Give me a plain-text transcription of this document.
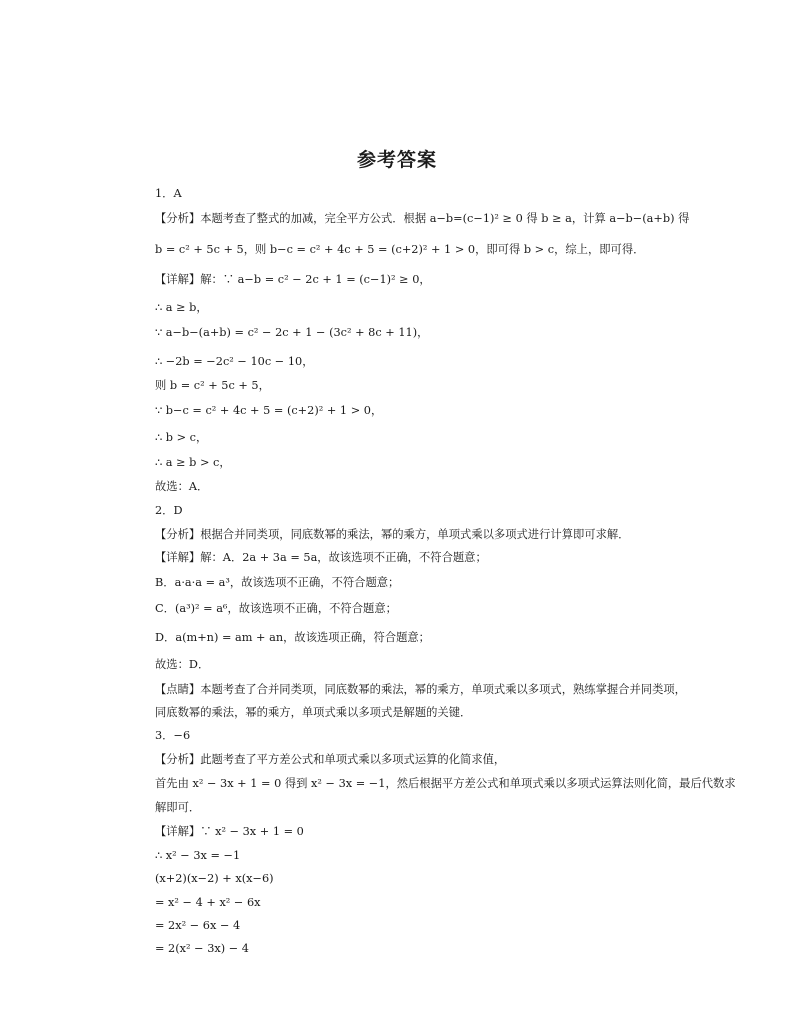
参考答案
1．A
【分析】本题考查了整式的加减，完全平方公式．根据 a−b=(c−1)² ≥ 0 得 b ≥ a，计算 a−b−(a+b) 得
b = c² + 5c + 5，则 b−c = c² + 4c + 5 = (c+2)² + 1 > 0，即可得 b > c，综上，即可得．
【详解】解：∵ a−b = c² − 2c + 1 = (c−1)² ≥ 0，
∴ a ≥ b，
∵ a−b−(a+b) = c² − 2c + 1 − (3c² + 8c + 11)，
∴ −2b = −2c² − 10c − 10，
则 b = c² + 5c + 5，
∵ b−c = c² + 4c + 5 = (c+2)² + 1 > 0，
∴ b > c，
∴ a ≥ b > c，
故选：A．
2．D
【分析】根据合并同类项，同底数幂的乘法，幂的乘方，单项式乘以多项式进行计算即可求解．
【详解】解：A．2a + 3a = 5a，故该选项不正确，不符合题意；
B．a·a·a = a³，故该选项不正确，不符合题意；
C．(a³)² = a⁶，故该选项不正确，不符合题意；
D．a(m+n) = am + an，故该选项正确，符合题意；
故选：D．
【点睛】本题考查了合并同类项，同底数幂的乘法，幂的乘方，单项式乘以多项式，熟练掌握合并同类项，
同底数幂的乘法，幂的乘方，单项式乘以多项式是解题的关键．
3．−6
【分析】此题考查了平方差公式和单项式乘以多项式运算的化简求值，
首先由 x² − 3x + 1 = 0 得到 x² − 3x = −1，然后根据平方差公式和单项式乘以多项式运算法则化简，最后代数求
解即可．
【详解】∵ x² − 3x + 1 = 0
∴ x² − 3x = −1
(x+2)(x−2) + x(x−6)
= x² − 4 + x² − 6x
= 2x² − 6x − 4
= 2(x² − 3x) − 4
